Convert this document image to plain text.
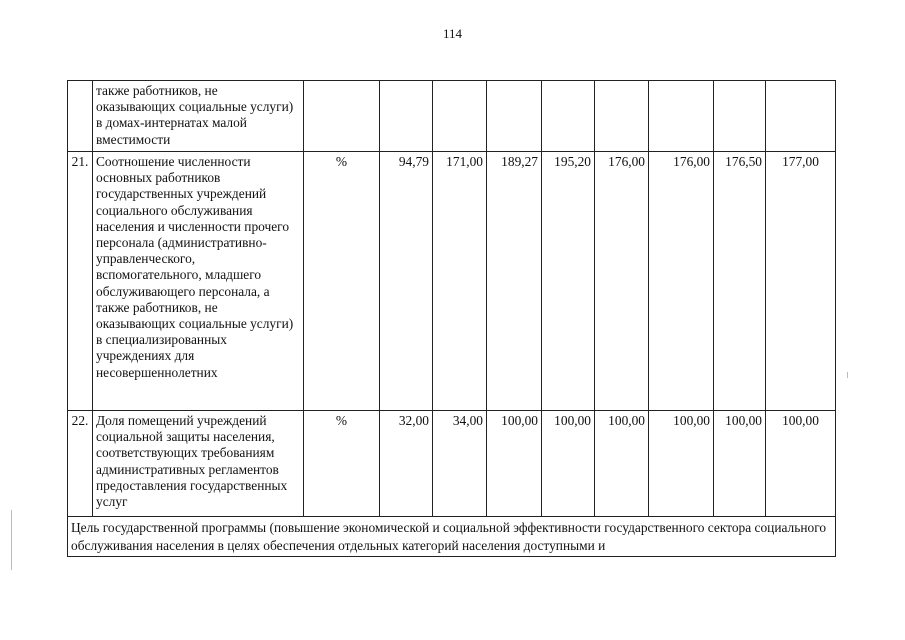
114
	также работников, не оказывающих социальные услуги) в домах-интернатах малой вместимости									
21.	Соотношение численности основных работников государственных учреждений социального обслуживания населения и численности прочего персонала (административно-управленческого, вспомогательного, младшего обслуживающего персонала, а также работников, не оказывающих социальные услуги) в специализированных учреждениях для несовершеннолетних	%	94,79	171,00	189,27	195,20	176,00	176,00	176,50	177,00
22.	Доля помещений учреждений социальной защиты населения, соответствующих требованиям административных регламентов предоставления государственных услуг	%	32,00	34,00	100,00	100,00	100,00	100,00	100,00	100,00
Цель государственной программы (повышение экономической и социальной эффективности государственного сектора социального обслуживания населения в целях обеспечения отдельных категорий населения доступными и										
